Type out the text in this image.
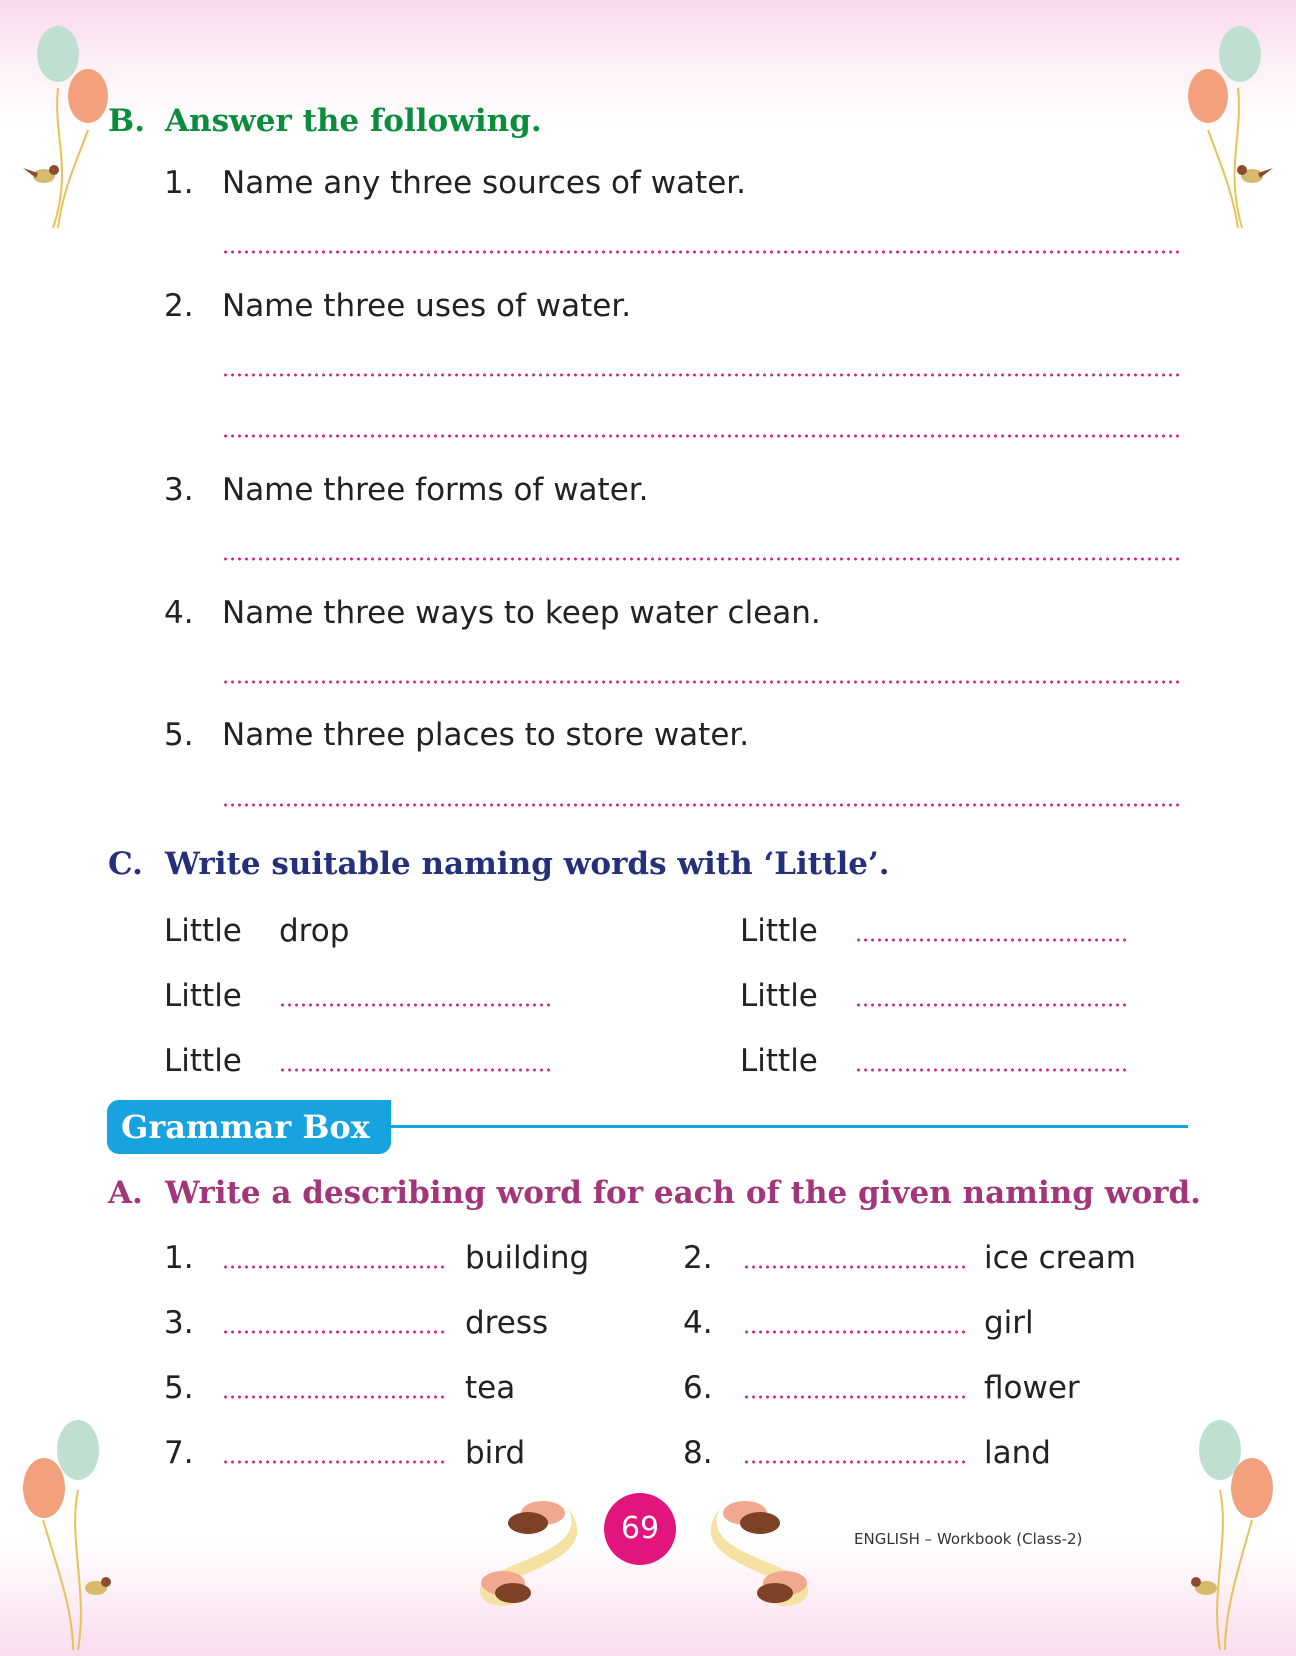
B. Answer the following.
1. Name any three sources of water.
2. Name three uses of water.
3. Name three forms of water.
4. Name three ways to keep water clean.
5. Name three places to store water.
C. Write suitable naming words with ‘Little’.
Little drop	Little
Little	Little
Little	Little
Grammar Box
A. Write a describing word for each of the given naming word.
1.	building	2.	ice cream
3.	dress	4.	girl
5.	tea	6.	flower
7.	bird	8.	land
69	ENGLISH – Workbook (Class-2)
